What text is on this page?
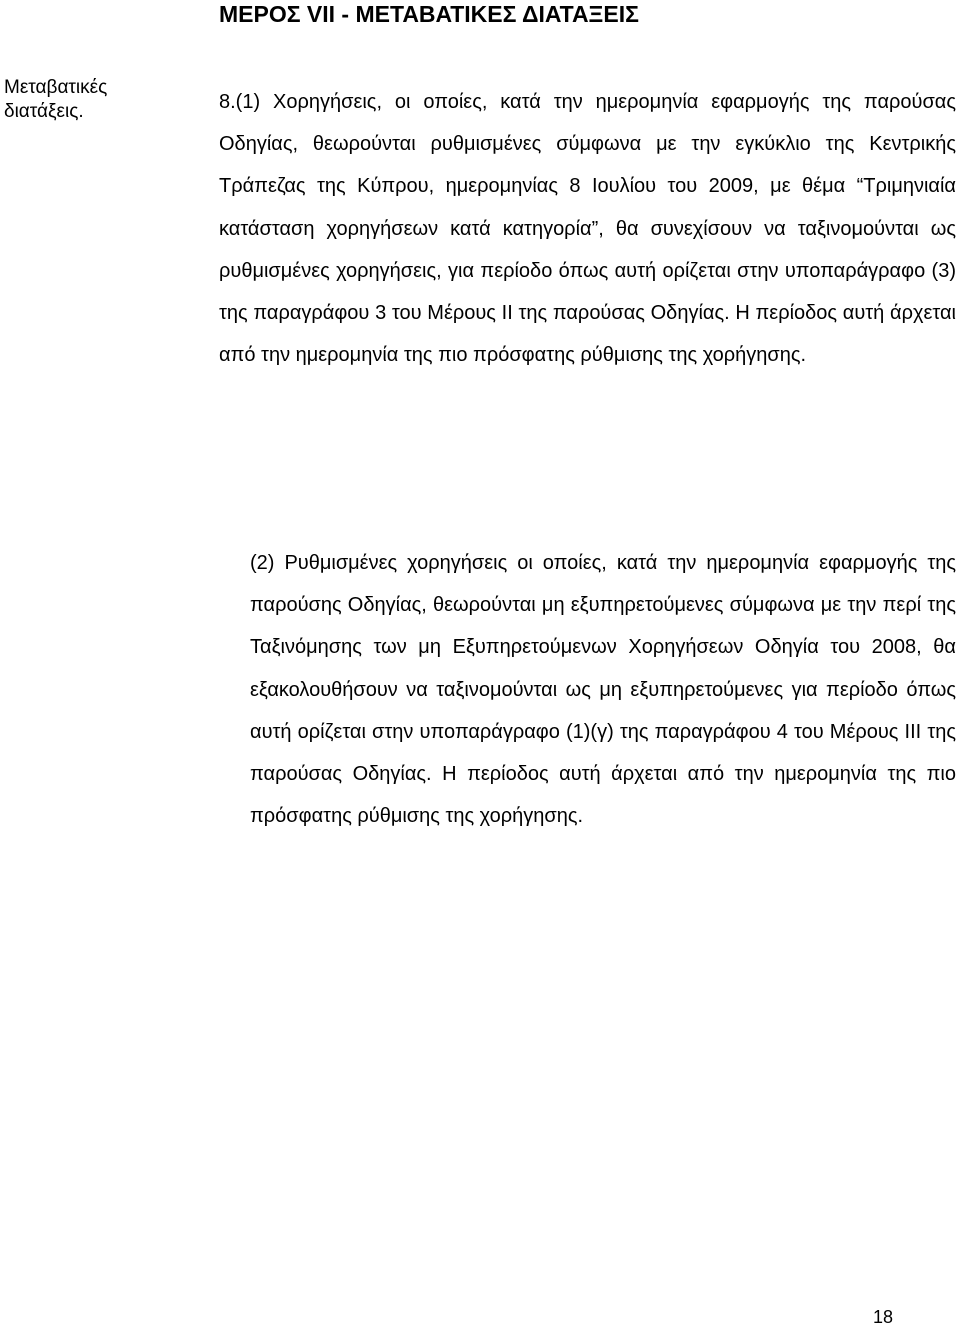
ΜΕΡΟΣ VII - ΜΕΤΑΒΑΤΙΚΕΣ ΔΙΑΤΑΞΕΙΣ
Μεταβατικές διατάξεις.	8.(1) Χορηγήσεις, οι οποίες, κατά την ημερομηνία εφαρμογής της παρούσας Οδηγίας, θεωρούνται ρυθμισμένες σύμφωνα με την εγκύκλιο της Κεντρικής Τράπεζας της Κύπρου, ημερομηνίας 8 Ιουλίου του 2009, με θέμα “Τριμηνιαία κατάσταση χορηγήσεων κατά κατηγορία”, θα συνεχίσουν να ταξινομούνται ως ρυθμισμένες χορηγήσεις, για περίοδο όπως αυτή ορίζεται στην υποπαράγραφο (3) της παραγράφου 3 του Μέρους ΙΙ της παρούσας Οδηγίας. Η περίοδος αυτή άρχεται από την ημερομηνία της πιο πρόσφατης ρύθμισης της χορήγησης.
(2) Ρυθμισμένες χορηγήσεις οι οποίες, κατά την ημερομηνία εφαρμογής της παρούσης Οδηγίας, θεωρούνται μη εξυπηρετούμενες σύμφωνα με την περί της Ταξινόμησης των μη Εξυπηρετούμενων Χορηγήσεων Οδηγία του 2008, θα εξακολουθήσουν να ταξινομούνται ως μη εξυπηρετούμενες για περίοδο όπως αυτή ορίζεται στην υποπαράγραφο (1)(γ) της παραγράφου 4 του Μέρους ΙΙΙ της παρούσας Οδηγίας. Η περίοδος αυτή άρχεται από την ημερομηνία της πιο πρόσφατης ρύθμισης της χορήγησης.
18
